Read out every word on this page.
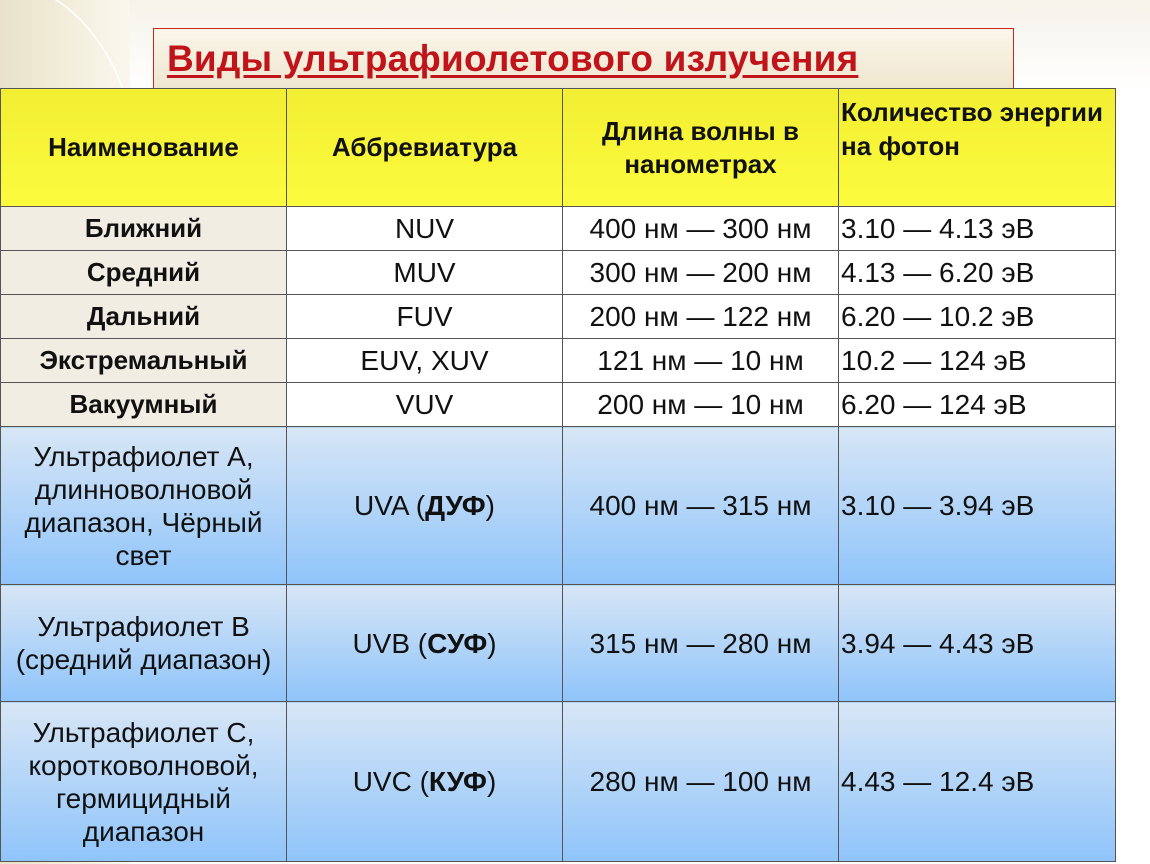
Виды ультрафиолетового излучения
Наименование	Аббревиатура	Длина волны в нанометрах	Количество энергии на фотон
Ближний	NUV	400 нм — 300 нм	3.10 — 4.13 эВ
Средний	MUV	300 нм — 200 нм	4.13 — 6.20 эВ
Дальний	FUV	200 нм — 122 нм	6.20 — 10.2 эВ
Экстремальный	EUV, XUV	121 нм — 10 нм	10.2 — 124 эВ
Вакуумный	VUV	200 нм — 10 нм	6.20 — 124 эВ
Ультрафиолет A, длинноволновой диапазон, Чёрный свет	UVA (ДУФ)	400 нм — 315 нм	3.10 — 3.94 эВ
Ультрафиолет B (средний диапазон)	UVB (СУФ)	315 нм — 280 нм	3.94 — 4.43 эВ
Ультрафиолет С, коротковолновой, гермицидный диапазон	UVC (КУФ)	280 нм — 100 нм	4.43 — 12.4 эВ
